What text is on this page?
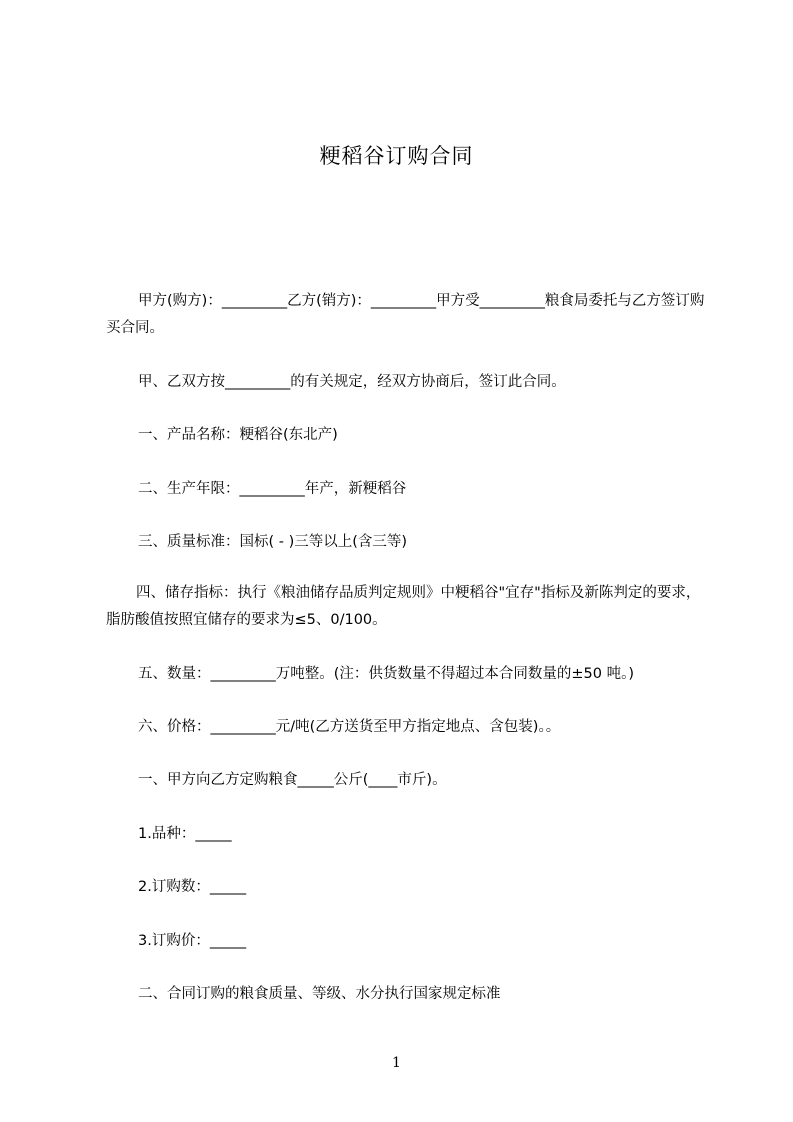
粳稻谷订购合同
甲方(购方)：_________乙方(销方)：_________甲方受_________粮食局委托与乙方签订购买合同。
甲、乙双方按_________的有关规定，经双方协商后，签订此合同。
一、产品名称：粳稻谷(东北产)
二、生产年限：_________年产，新粳稻谷
三、质量标准：国标( - )三等以上(含三等)
四、储存指标：执行《粮油储存品质判定规则》中粳稻谷"宜存"指标及新陈判定的要求，脂肪酸值按照宜储存的要求为≤5、0/100。
五、数量：_________万吨整。(注：供货数量不得超过本合同数量的±50 吨。)
六、价格：_________元/吨(乙方送货至甲方指定地点、含包装)。。
一、甲方向乙方定购粮食_____公斤(____市斤)。
1.品种：_____
2.订购数：_____
3.订购价：_____
二、合同订购的粮食质量、等级、水分执行国家规定标准
1
